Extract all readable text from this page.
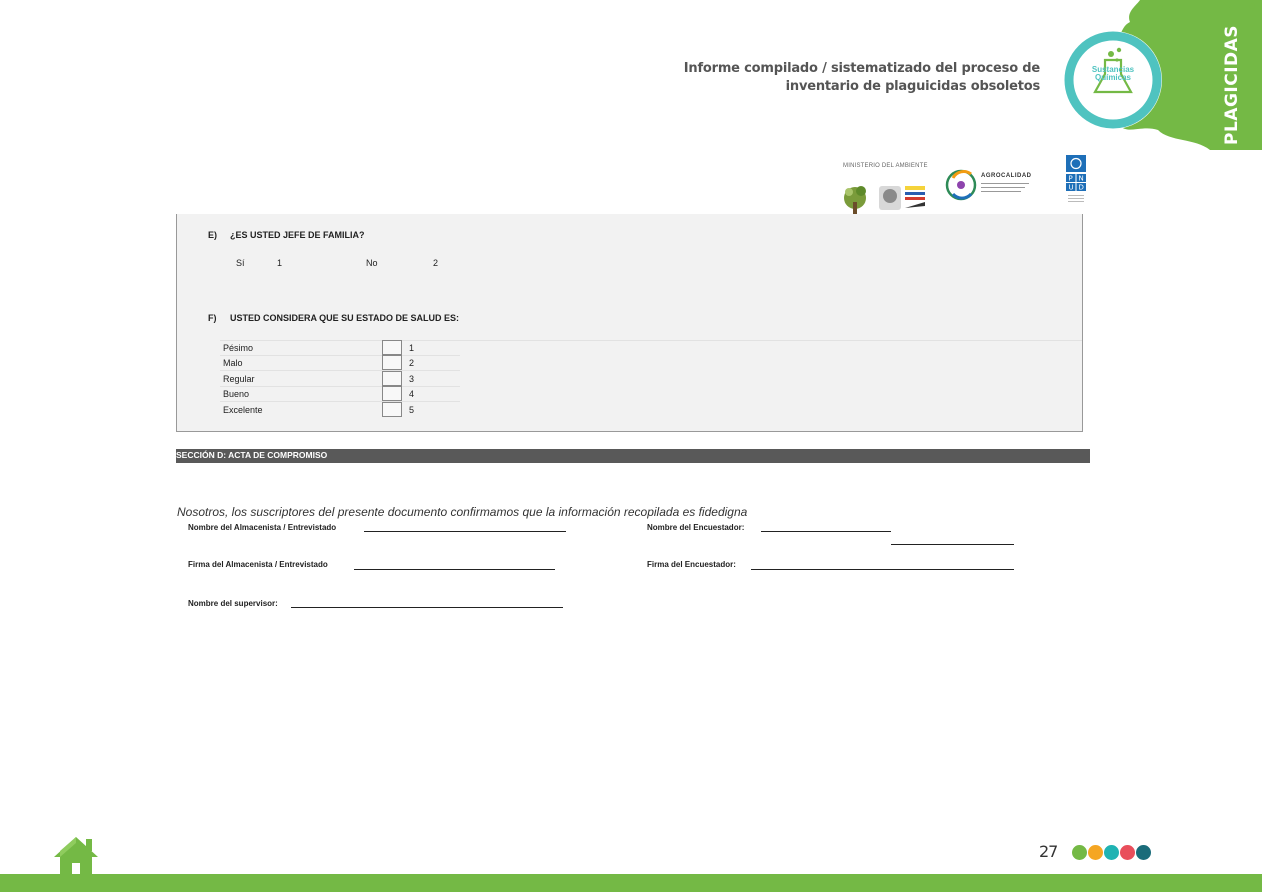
Informe compilado / sistematizado del proceso de
inventario de plaguicidas obsoletos
Sustancias Químicas	PLAGICIDAS
MINISTERIO DEL AMBIENTE
AGROCALIDAD	P N
U D
E) ¿ES USTED JEFE DE FAMILIA?
Sí	1	No	2
F) USTED CONSIDERA QUE SU ESTADO DE SALUD ES:
Pésimo	1
Malo	2
Regular	3
Bueno	4
Excelente	5
SECCIÓN D: ACTA DE COMPROMISO
Nosotros, los suscriptores del presente documento confirmamos que la información recopilada es fidedigna
Nombre del Almacenista / Entrevistado	Nombre del Encuestador:
Firma del Almacenista / Entrevistado	Firma del Encuestador:
Nombre del supervisor:
27
